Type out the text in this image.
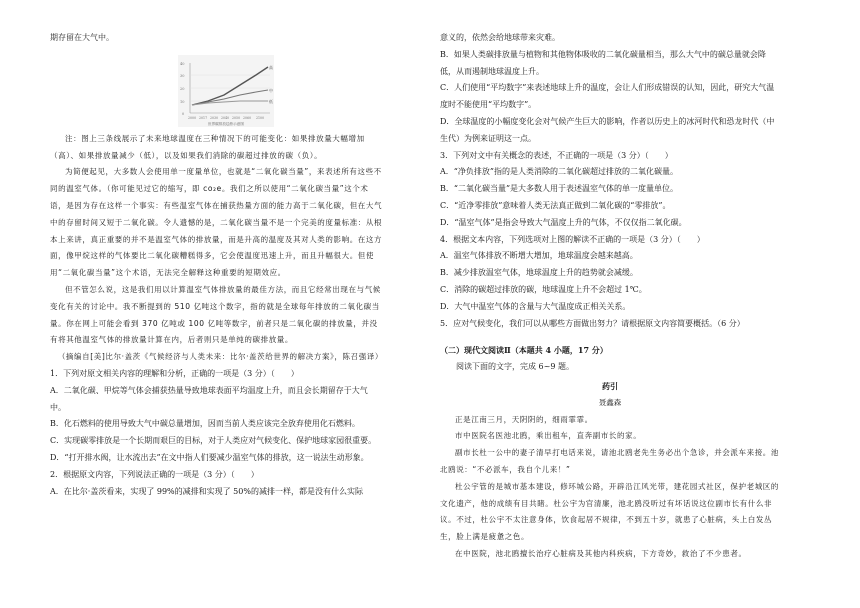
期存留在大气中。

高
中
低
40
30
20
10
0
2000 2017 2030 2040 2050 2060 2100
世界碳排放趋势示意图

注：图上三条线展示了未来地球温度在三种情况下的可能变化：如果排放量大幅增加（高）、如果排放量减少（低），以及如果我们消除的碳超过排放的碳（负）。

为简便起见，大多数人会使用单一度量单位，也就是“二氧化碳当量”，来表述所有这些不同的温室气体。（你可能见过它的缩写，即 co₂e。我们之所以使用“二氧化碳当量”这个术语，是因为存在这样一个事实：有些温室气体在捕获热量方面的能力高于二氧化碳，但在大气中的存留时间又短于二氧化碳。令人遗憾的是，二氧化碳当量不是一个完美的度量标准：从根本上来讲，真正重要的并不是温室气体的排放量，而是升高的温度及其对人类的影响。在这方面，像甲烷这样的气体要比二氧化碳糟糕得多，它会使温度迅速上升，而且升幅很大。但使用“二氧化碳当量”这个术语，无法完全解释这种重要的短期效应。

但不管怎么说，这是我们用以计算温室气体排放量的最佳方法，而且它经常出现在与气候变化有关的讨论中。我不断提到的 510 亿吨这个数字，指的就是全球每年排放的二氧化碳当量。你在网上可能会看到 370 亿吨或 100 亿吨等数字，前者只是二氧化碳的排放量，并没有将其他温室气体的排放量计算在内，后者则只是单纯的碳排放量。

（摘编自[美]比尔·盖茨《气候经济与人类未来：比尔·盖茨给世界的解决方案》，陈召强译）

1．下列对原文相关内容的理解和分析，正确的一项是（3 分）（　　）

A．二氧化碳、甲烷等气体会捕获热量导致地球表面平均温度上升，而且会长期留存于大气中。

B．化石燃料的使用导致大气中碳总量增加，因而当前人类应该完全放弃使用化石燃料。

C．实现碳零排放是一个长期而艰巨的目标，对于人类应对气候变化、保护地球家园很重要。

D．“打开排水阀，让水流出去”在文中指人们要减少温室气体的排放，这一说法生动形象。

2．根据原文内容，下列说法正确的一项是（3 分）（　　）

A．在比尔·盖茨看来，实现了 99%的减排和实现了 50%的减排一样，都是没有什么实际

意义的，依然会给地球带来灾难。

B．如果人类碳排放量与植物和其他物体吸收的二氧化碳量相当，那么大气中的碳总量就会降低，从而遏制地球温度上升。

C．人们使用“平均数字”来表述地球上升的温度，会让人们形成错误的认知，因此，研究大气温度时不能使用“平均数字”。

D．全球温度的小幅度变化会对气候产生巨大的影响，作者以历史上的冰河时代和恐龙时代（中生代）为例来证明这一点。

3．下列对文中有关概念的表述，不正确的一项是（3 分）（　　）

A．“净负排放”指的是人类消除的二氧化碳超过排放的二氧化碳量。

B．“二氧化碳当量”是大多数人用于表述温室气体的单一度量单位。

C．“近净零排放”意味着人类无法真正做到二氧化碳的“零排放”。

D．“温室气体”是指会导致大气温度上升的气体，不仅仅指二氧化碳。

4．根据文本内容，下列选项对上图的解读不正确的一项是（3 分）（　　）

A．温室气体排放不断增大增加，地球温度会越来越高。

B．减少排放温室气体，地球温度上升的趋势就会减缓。

C．消除的碳超过排放的碳，地球温度上升不会超过 1℃。

D．大气中温室气体的含量与大气温度成正相关关系。

5．应对气候变化，我们可以从哪些方面做出努力？请根据原文内容简要概括。（6 分）

（二）现代文阅读Ⅱ（本题共 4 小题，17 分）

阅读下面的文字，完成 6~9 题。

药引

聂鑫森

正是江南三月，天阴阴的，细雨霏霏。

市中医院名医池北鸥，乘出租车，直奔副市长的家。

副市长杜一公中的妻子清早打电话来说，请池北鸥老先生务必出个急诊，并会派车来接。池北鸥说：“不必派车，我自个儿来！”

杜公宇管的是城市基本建设，修环城公路，开辟沿江风光带，建花园式社区，保护老城区的文化遗产，他的成绩有目共睹。杜公宇为官清廉，池北鸥没听过有坏话说这位副市长有什么非议。不过，杜公宇不太注意身体，饮食起居不规律，不到五十岁，就患了心脏病，头上白发丛生，脸上满是疲惫之色。

在中医院，池北鸥擅长治疗心脏病及其他内科疾病，下方奇妙，救治了不少患者。
